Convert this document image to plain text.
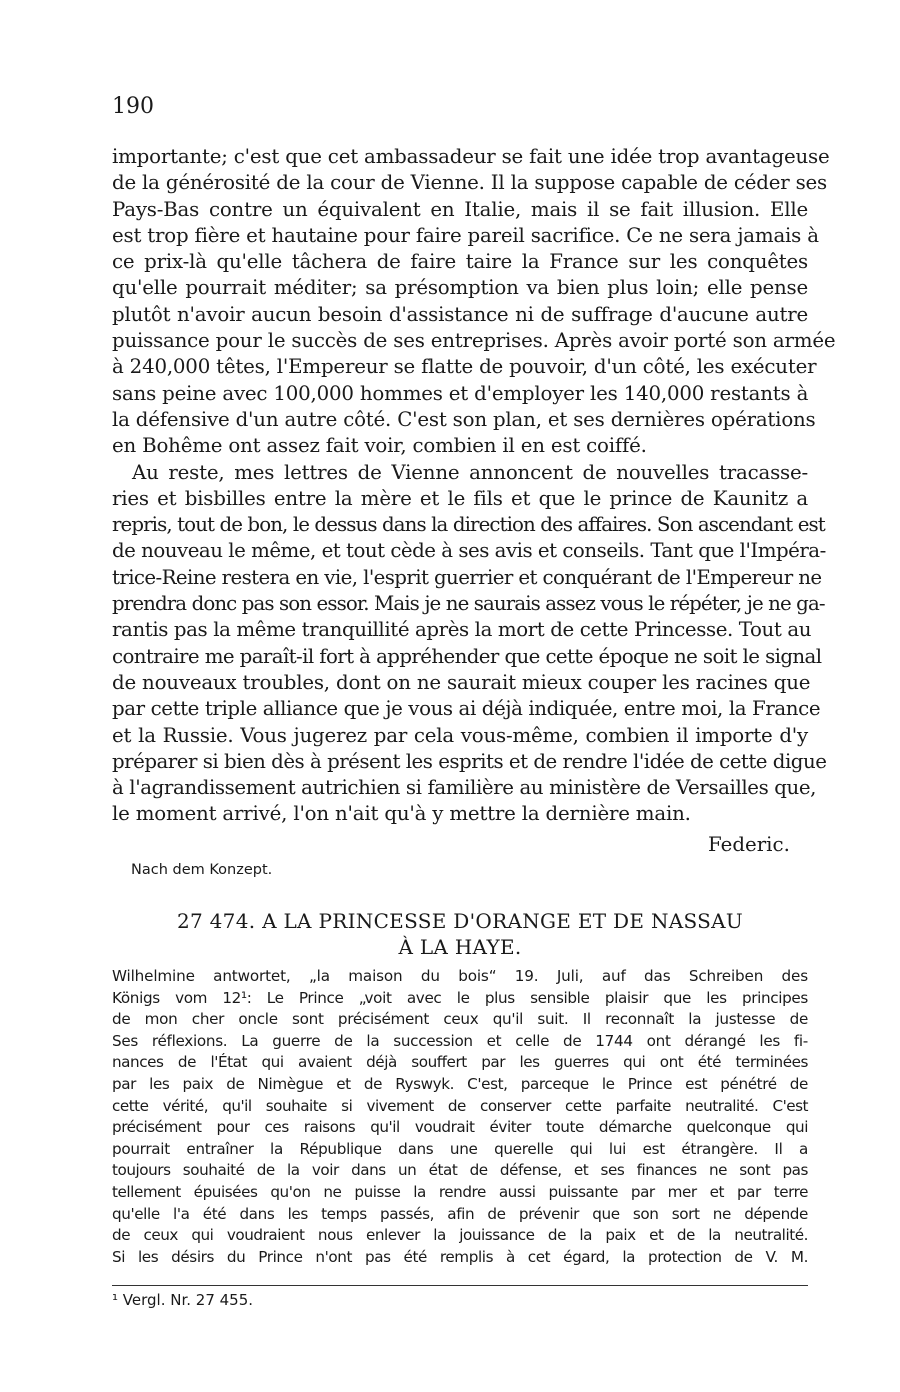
190
importante; c'est que cet ambassadeur se fait une idée trop avantageuse
de la générosité de la cour de Vienne. Il la suppose capable de céder ses
Pays-Bas contre un équivalent en Italie, mais il se fait illusion. Elle
est trop fière et hautaine pour faire pareil sacrifice. Ce ne sera jamais à
ce prix-là qu'elle tâchera de faire taire la France sur les conquêtes
qu'elle pourrait méditer; sa présomption va bien plus loin; elle pense
plutôt n'avoir aucun besoin d'assistance ni de suffrage d'aucune autre
puissance pour le succès de ses entreprises. Après avoir porté son armée
à 240,000 têtes, l'Empereur se flatte de pouvoir, d'un côté, les exécuter
sans peine avec 100,000 hommes et d'employer les 140,000 restants à
la défensive d'un autre côté. C'est son plan, et ses dernières opérations
en Bohême ont assez fait voir, combien il en est coiffé.
Au reste, mes lettres de Vienne annoncent de nouvelles tracasse-
ries et bisbilles entre la mère et le fils et que le prince de Kaunitz a
repris, tout de bon, le dessus dans la direction des affaires. Son ascendant est
de nouveau le même, et tout cède à ses avis et conseils. Tant que l'Impéra-
trice-Reine restera en vie, l'esprit guerrier et conquérant de l'Empereur ne
prendra donc pas son essor. Mais je ne saurais assez vous le répéter, je ne ga-
rantis pas la même tranquillité après la mort de cette Princesse. Tout au
contraire me paraît-il fort à appréhender que cette époque ne soit le signal
de nouveaux troubles, dont on ne saurait mieux couper les racines que
par cette triple alliance que je vous ai déjà indiquée, entre moi, la France
et la Russie. Vous jugerez par cela vous-même, combien il importe d'y
préparer si bien dès à présent les esprits et de rendre l'idée de cette digue
à l'agrandissement autrichien si familière au ministère de Versailles que,
le moment arrivé, l'on n'ait qu'à y mettre la dernière main.
Federic.
Nach dem Konzept.
27 474. A LA PRINCESSE D'ORANGE ET DE NASSAU
À LA HAYE.
Wilhelmine antwortet, „la maison du bois“ 19. Juli, auf das Schreiben des
Königs vom 12¹: Le Prince „voit avec le plus sensible plaisir que les principes
de mon cher oncle sont précisément ceux qu'il suit. Il reconnaît la justesse de
Ses réflexions. La guerre de la succession et celle de 1744 ont dérangé les fi-
nances de l'État qui avaient déjà souffert par les guerres qui ont été terminées
par les paix de Nimègue et de Ryswyk. C'est, parceque le Prince est pénétré de
cette vérité, qu'il souhaite si vivement de conserver cette parfaite neutralité. C'est
précisément pour ces raisons qu'il voudrait éviter toute démarche quelconque qui
pourrait entraîner la République dans une querelle qui lui est étrangère. Il a
toujours souhaité de la voir dans un état de défense, et ses finances ne sont pas
tellement épuisées qu'on ne puisse la rendre aussi puissante par mer et par terre
qu'elle l'a été dans les temps passés, afin de prévenir que son sort ne dépende
de ceux qui voudraient nous enlever la jouissance de la paix et de la neutralité.
Si les désirs du Prince n'ont pas été remplis à cet égard, la protection de V. M.
¹ Vergl. Nr. 27 455.
